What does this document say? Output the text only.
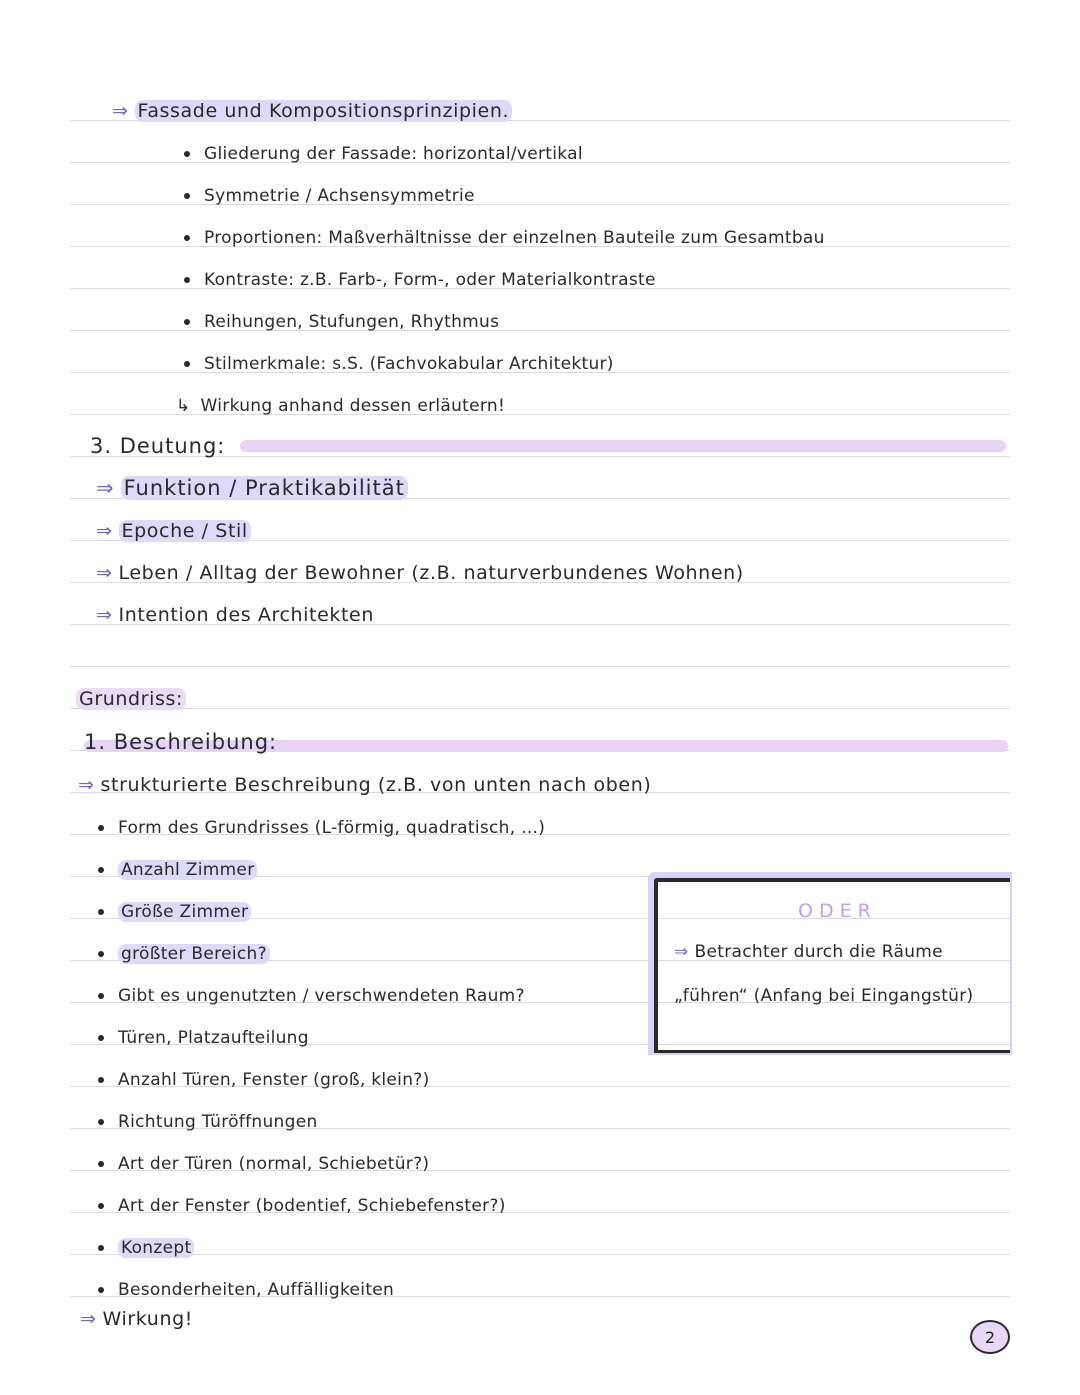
⇒ Fassade und Kompositionsprinzipien.
Gliederung der Fassade: horizontal/vertikal
Symmetrie / Achsensymmetrie
Proportionen: Maßverhältnisse der einzelnen Bauteile zum Gesamtbau
Kontraste: z.B. Farb-, Form-, oder Materialkontraste
Reihungen, Stufungen, Rhythmus
Stilmerkmale: s.S. (Fachvokabular Architektur)
↳ Wirkung anhand dessen erläutern!
3. Deutung:
⇒ Funktion / Praktikabilität
⇒ Epoche / Stil
⇒ Leben / Alltag der Bewohner (z.B. naturverbundenes Wohnen)
⇒ Intention des Architekten
Grundriss:
1. Beschreibung:
⇒ strukturierte Beschreibung (z.B. von unten nach oben)
Form des Grundrisses (L-förmig, quadratisch, ...)
Anzahl Zimmer
Größe Zimmer
größter Bereich?
Gibt es ungenutzten / verschwendeten Raum?
Türen, Platzaufteilung
Anzahl Türen, Fenster (groß, klein?)
Richtung Türöffnungen
Art der Türen (normal, Schiebetür?)
Art der Fenster (bodentief, Schiebefenster?)
Konzept
Besonderheiten, Auffälligkeiten
⇒ Wirkung!
ODER
⇒ Betrachter durch die Räume
„führen“ (Anfang bei Eingangstür)
2
